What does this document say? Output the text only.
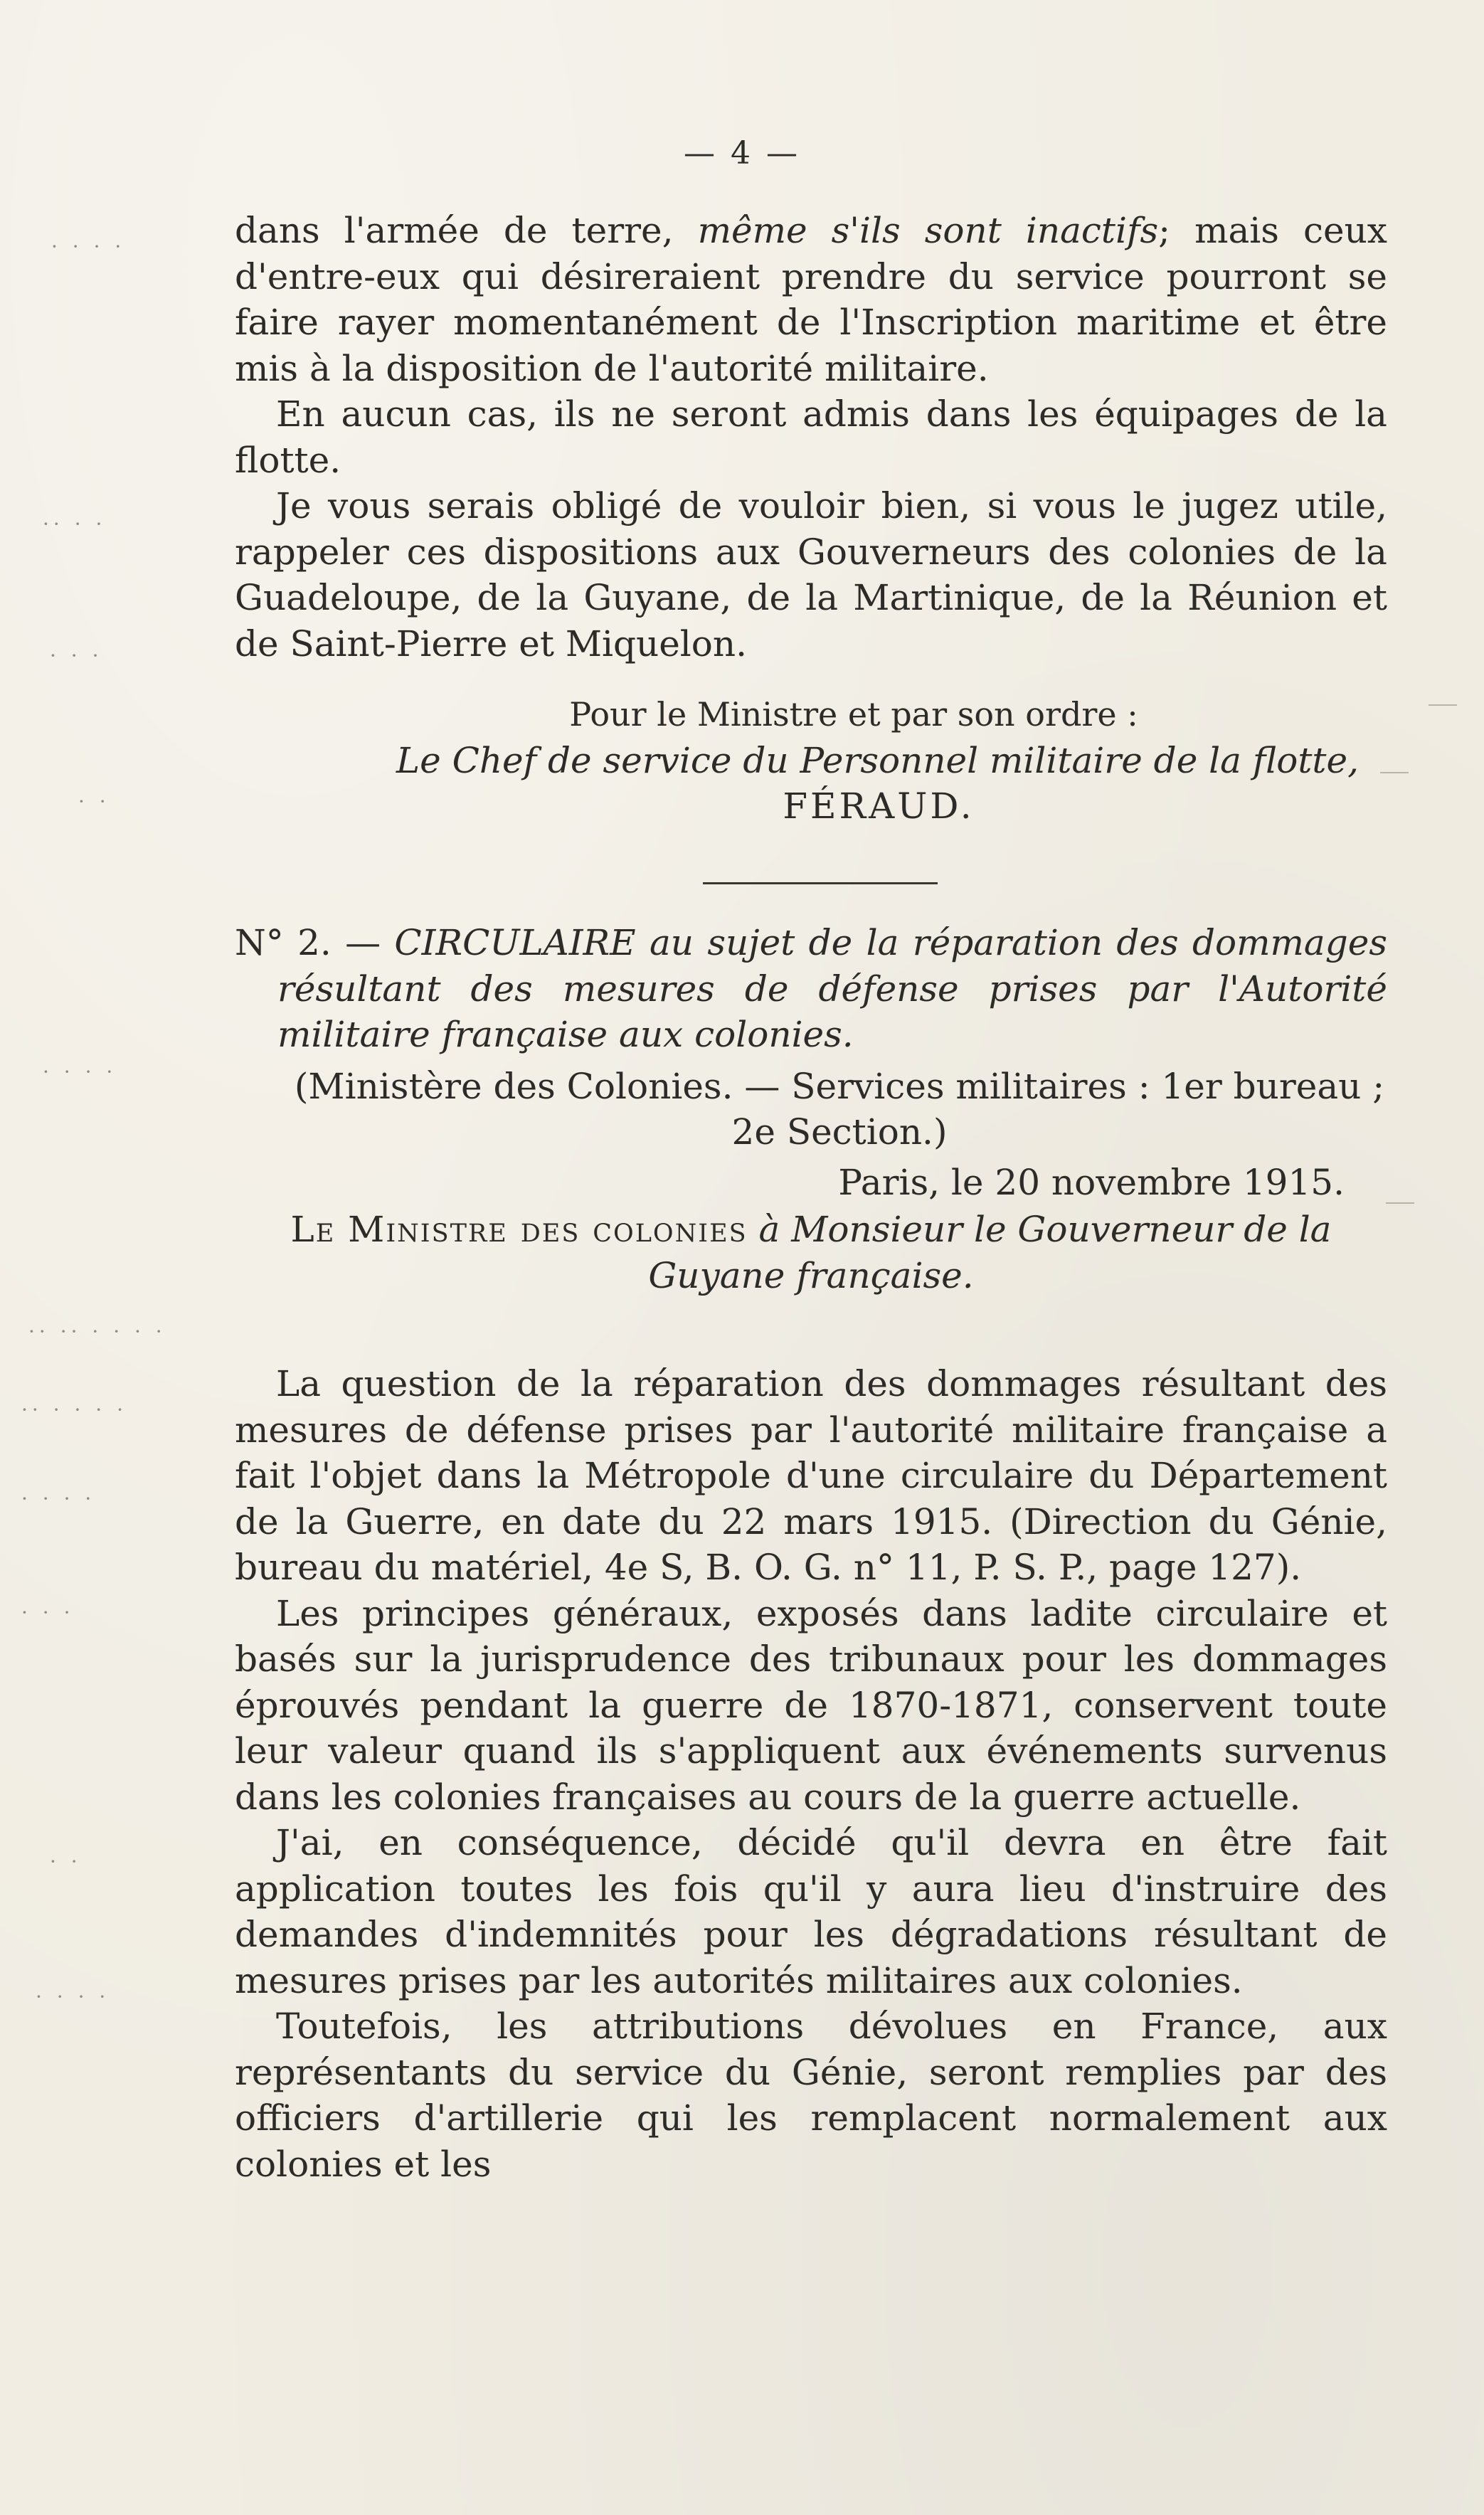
· · · ·
·· · ·
· · ·
· ·
· · · ·
·· ·· · · · ·
·· · · · ·
· · · ·
· · ·
· ·
· · · ·
— 4 —

dans l'armée de terre, même s'ils sont inactifs; mais ceux d'entre-eux qui désireraient prendre du service pourront se faire rayer momentanément de l'Inscription maritime et être mis à la disposition de l'autorité militaire.

En aucun cas, ils ne seront admis dans les équipages de la flotte.

Je vous serais obligé de vouloir bien, si vous le jugez utile, rappeler ces dispositions aux Gouverneurs des colonies de la Guadeloupe, de la Guyane, de la Martinique, de la Réunion et de Saint-Pierre et Miquelon.

Pour le Ministre et par son ordre :
Le Chef de service du Personnel militaire de la flotte,
FÉRAUD.

N° 2. — CIRCULAIRE au sujet de la réparation des dommages résultant des mesures de défense prises par l'Autorité militaire française aux colonies.

(Ministère des Colonies. — Services militaires : 1er bureau ; 2e Section.)

Paris, le 20 novembre 1915.

Le Ministre des colonies à Monsieur le Gouverneur de la Guyane française.

La question de la réparation des dommages résultant des mesures de défense prises par l'autorité militaire française a fait l'objet dans la Métropole d'une circulaire du Département de la Guerre, en date du 22 mars 1915. (Direction du Génie, bureau du matériel, 4e S, B. O. G. n° 11, P. S. P., page 127).

Les principes généraux, exposés dans ladite circulaire et basés sur la jurisprudence des tribunaux pour les dommages éprouvés pendant la guerre de 1870-1871, conservent toute leur valeur quand ils s'appliquent aux événements survenus dans les colonies françaises au cours de la guerre actuelle.

J'ai, en conséquence, décidé qu'il devra en être fait application toutes les fois qu'il y aura lieu d'instruire des demandes d'indemnités pour les dégradations résultant de mesures prises par les autorités militaires aux colonies.

Toutefois, les attributions dévolues en France, aux représentants du service du Génie, seront remplies par des officiers d'artillerie qui les remplacent normalement aux colonies et les
